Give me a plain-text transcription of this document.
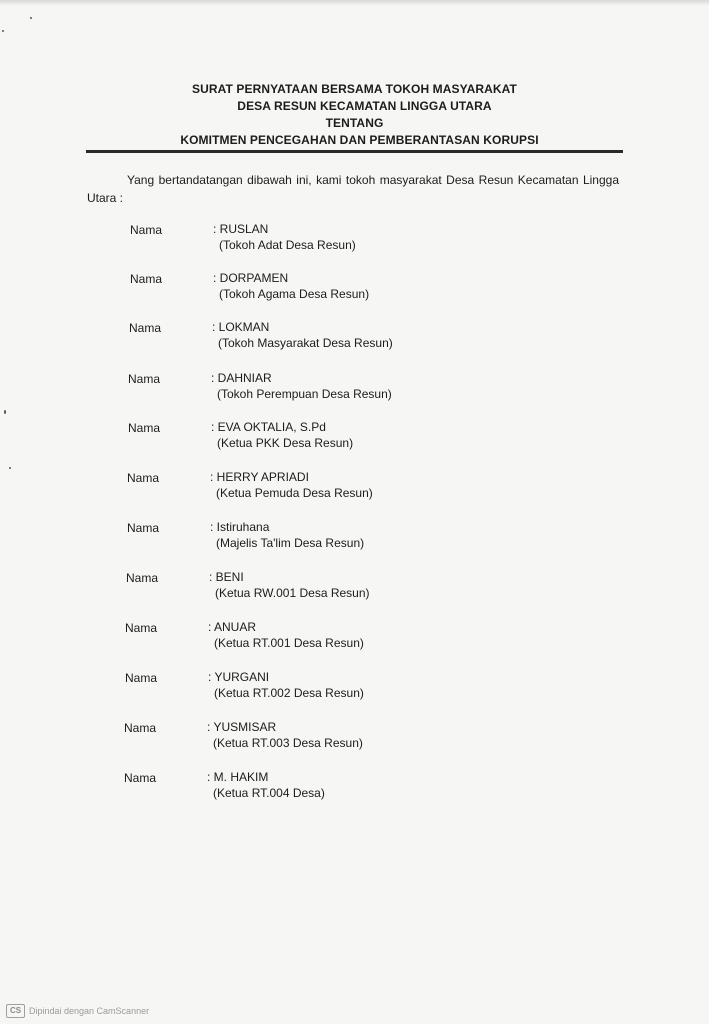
SURAT PERNYATAAN BERSAMA TOKOH MASYARAKAT
DESA RESUN KECAMATAN LINGGA UTARA
TENTANG
KOMITMEN PENCEGAHAN DAN PEMBERANTASAN KORUPSI
Yang bertandatangan dibawah ini, kami tokoh masyarakat Desa Resun Kecamatan Lingga Utara :
Nama	: RUSLAN
(Tokoh Adat Desa Resun)
Nama	: DORPAMEN
(Tokoh Agama Desa Resun)
Nama	: LOKMAN
(Tokoh Masyarakat Desa Resun)
Nama	: DAHNIAR
(Tokoh Perempuan Desa Resun)
Nama	: EVA OKTALIA, S.Pd
(Ketua PKK Desa Resun)
Nama	: HERRY APRIADI
(Ketua Pemuda Desa Resun)
Nama	: Istiruhana
(Majelis Ta'lim Desa Resun)
Nama	: BENI
(Ketua RW.001 Desa Resun)
Nama	: ANUAR
(Ketua RT.001 Desa Resun)
Nama	: YURGANI
(Ketua RT.002 Desa Resun)
Nama	: YUSMISAR
(Ketua RT.003 Desa Resun)
Nama	: M. HAKIM
(Ketua RT.004 Desa)
CS Dipindai dengan CamScanner
